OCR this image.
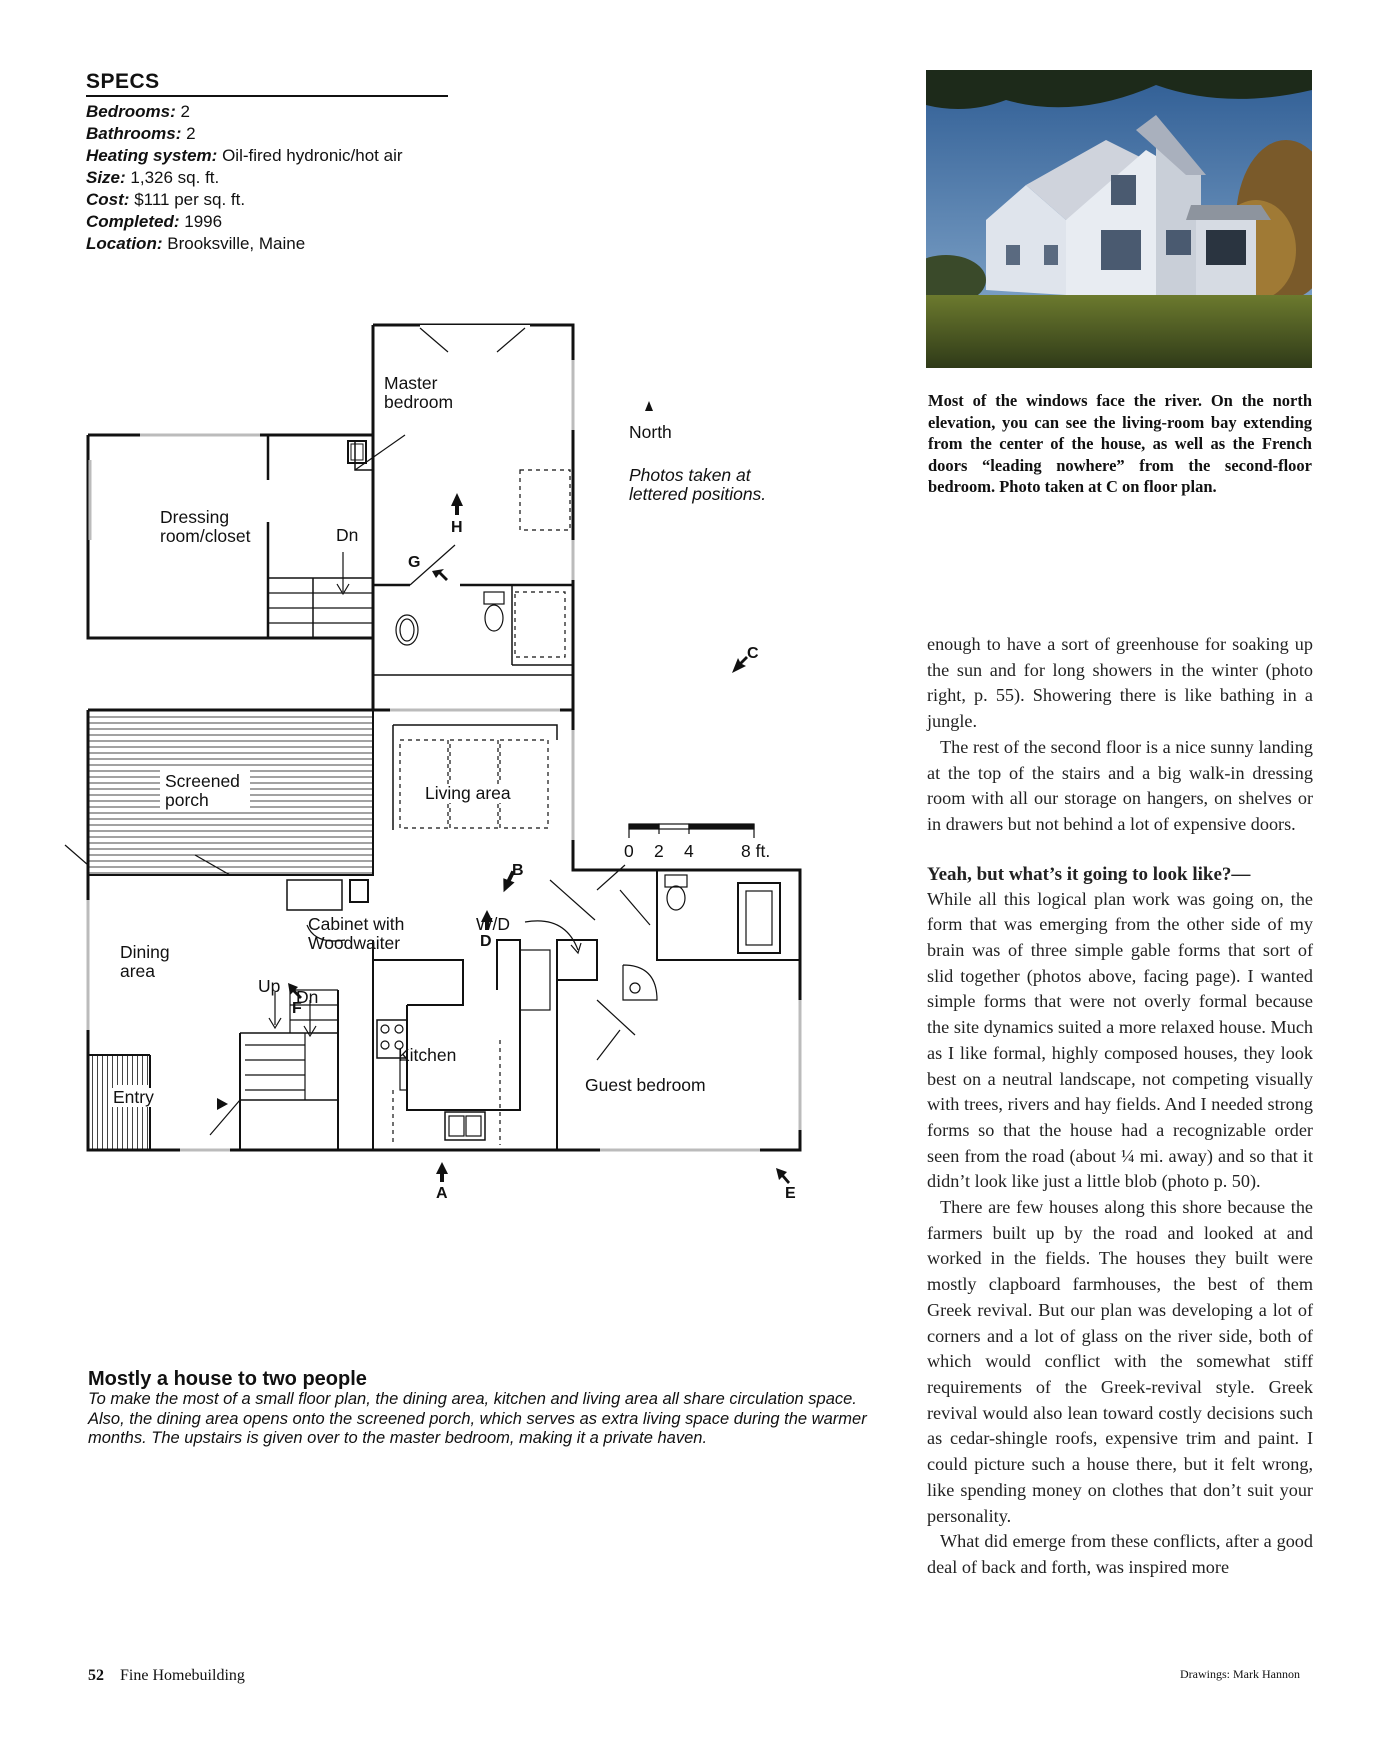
SPECS
Bedrooms: 2
Bathrooms: 2
Heating system: Oil-fired hydronic/hot air
Size: 1,326 sq. ft.
Cost: $111 per sq. ft.
Completed: 1996
Location: Brooksville, Maine
Master
bedroom
Dressing
room/closet	Dn
North
Photos taken at
lettered positions.
0 2 4	8 ft.
H
G
C
B
D
F
A	E
Screened
porch	Living area
Dining
area
Cabinet with
Woodwaiter
W/D
Up
Dn
Kitchen
Guest bedroom
Entry
Mostly a house to two people

To make the most of a small floor plan, the dining area, kitchen and living area all share circulation space. Also, the dining area opens onto the screened porch, which serves as extra living space during the warmer months. The upstairs is given over to the master bedroom, making it a private haven.

Most of the windows face the river. On the north elevation, you can see the living-room bay extending from the center of the house, as well as the French doors “leading nowhere” from the second-floor bedroom. Photo taken at C on floor plan.

enough to have a sort of greenhouse for soaking up the sun and for long showers in the winter (photo right, p. 55). Showering there is like bathing in a jungle.

The rest of the second floor is a nice sunny landing at the top of the stairs and a big walk-in dressing room with all our storage on hangers, on shelves or in drawers but not behind a lot of expensive doors.

Yeah, but what’s it going to look like?—

While all this logical plan work was going on, the form that was emerging from the other side of my brain was of three simple gable forms that sort of slid together (photos above, facing page). I wanted simple forms that were not overly formal because the site dynamics suited a more relaxed house. Much as I like formal, highly composed houses, they look best on a neutral landscape, not competing visually with trees, rivers and hay fields. And I needed strong forms so that the house had a recognizable order seen from the road (about ¼ mi. away) and so that it didn’t look like just a little blob (photo p. 50).

There are few houses along this shore because the farmers built up by the road and looked at and worked in the fields. The houses they built were mostly clapboard farmhouses, the best of them Greek revival. But our plan was developing a lot of corners and a lot of glass on the river side, both of which would conflict with the somewhat stiff requirements of the Greek-revival style. Greek revival would also lean toward costly decisions such as cedar-shingle roofs, expensive trim and paint. I could picture such a house there, but it felt wrong, like spending money on clothes that don’t suit your personality.

What did emerge from these conflicts, after a good deal of back and forth, was inspired more

52 Fine Homebuilding	Drawings: Mark Hannon
